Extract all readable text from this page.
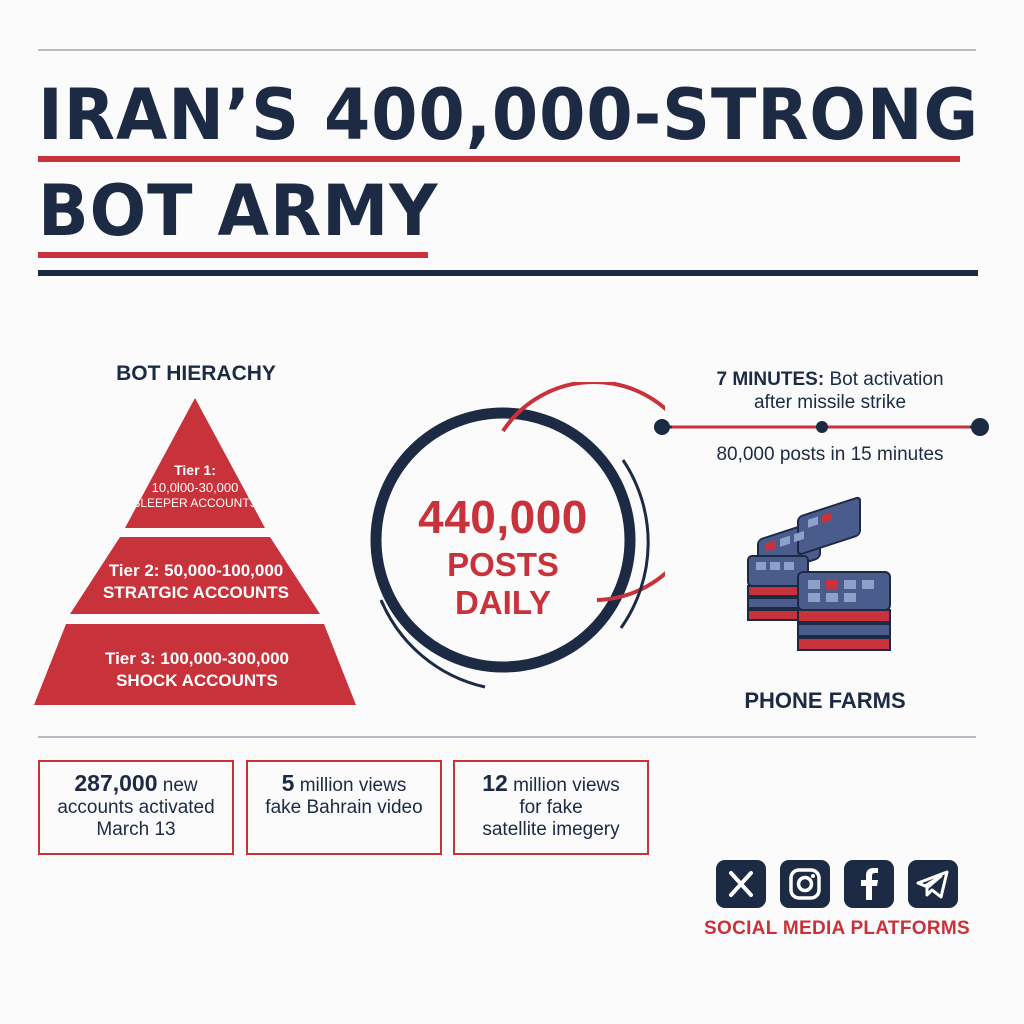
IRAN’S 400,000-STRONG
BOT ARMY
BOT HIERACHY
Tier 1:
10,0l00-30,000
SLEEPER ACCOUNTS
Tier 2: 50,000-100,000
STRATGIC ACCOUNTS
Tier 3: 100,000-300,000
SHOCK ACCOUNTS
440,000
POSTS
DAILY
7 MINUTES: Bot activation
after missile strike
80,000 posts in 15 minutes
PHONE FARMS
287,000 new
accounts activated
March 13
5 million views
fake Bahrain video
12 million views
for fake
satellite imegery
SOCIAL MEDIA PLATFORMS
